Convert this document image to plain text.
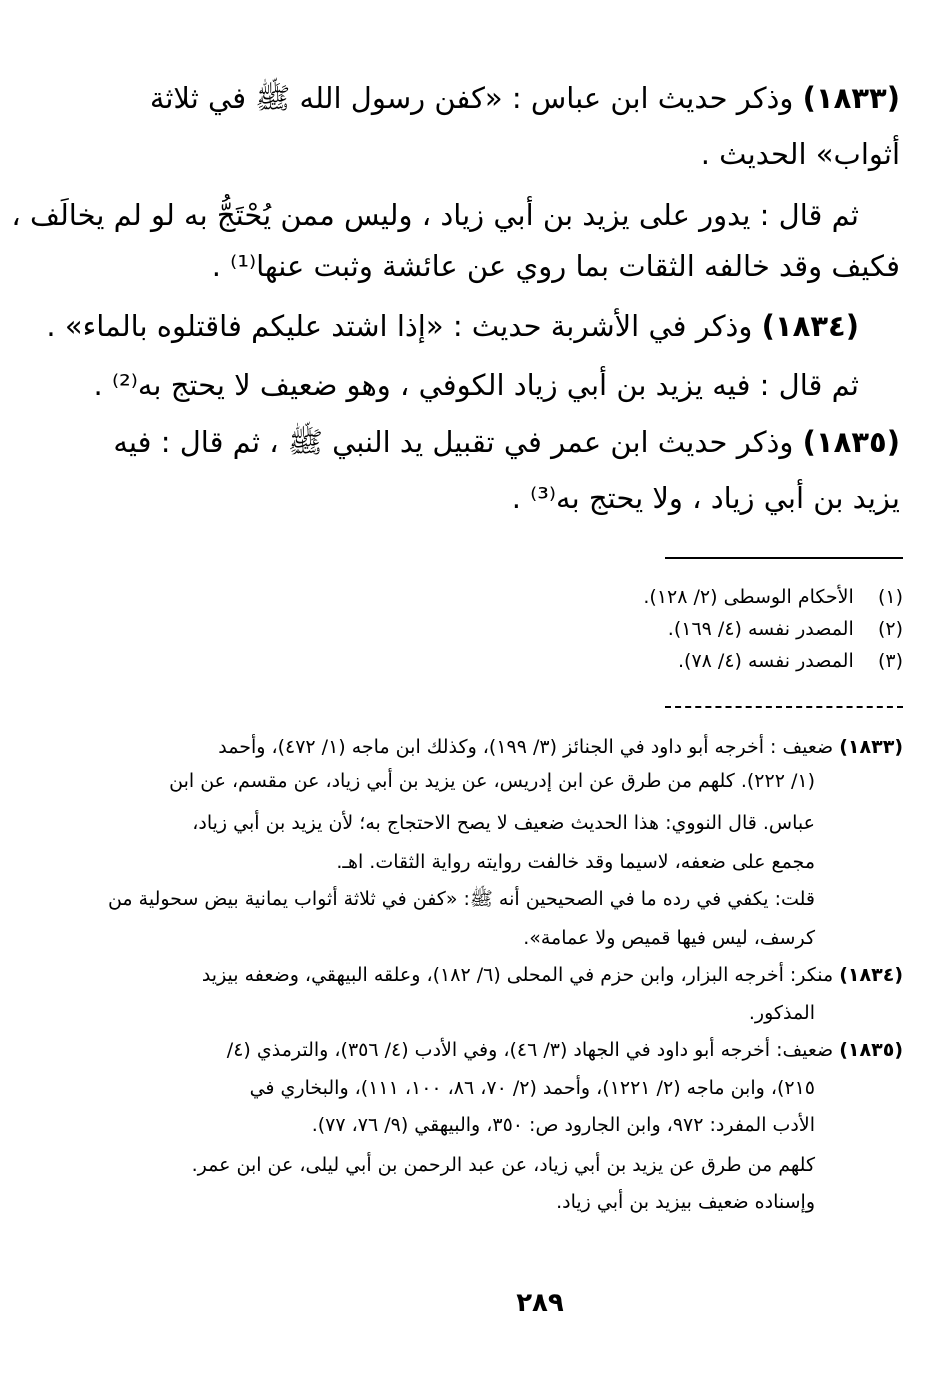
(١٨٣٣) وذكر حديث ابن عباس : «كفن رسول الله ﷺ في ثلاثة
أثواب» الحديث .
ثم قال : يدور على يزيد بن أبي زياد ، وليس ممن يُحْتَجُّ به لو لم يخالَف ،
فكيف وقد خالفه الثقات بما روي عن عائشة وثبت عنها⁽¹⁾ .
(١٨٣٤) وذكر في الأشربة حديث : «إذا اشتد عليكم فاقتلوه بالماء» .
ثم قال : فيه يزيد بن أبي زياد الكوفي ، وهو ضعيف لا يحتج به⁽²⁾ .
(١٨٣٥) وذكر حديث ابن عمر في تقبيل يد النبي ﷺ ، ثم قال : فيه
يزيد بن أبي زياد ، ولا يحتج به⁽³⁾ .
(١)    الأحكام الوسطى (٢/ ١٢٨).
(٢)    المصدر نفسه (٤/ ١٦٩).
(٣)    المصدر نفسه (٤/ ٧٨).
(١٨٣٣) ضعيف : أخرجه أبو داود في الجنائز (٣/ ١٩٩)، وكذلك ابن ماجه (١/ ٤٧٢)، وأحمد
(١/ ٢٢٢). كلهم من طرق عن ابن إدريس، عن يزيد بن أبي زياد، عن مقسم، عن ابن
عباس. قال النووي: هذا الحديث ضعيف لا يصح الاحتجاج به؛ لأن يزيد بن أبي زياد،
مجمع على ضعفه، لاسيما وقد خالفت روايته رواية الثقات. اهـ.
قلت: يكفي في رده ما في الصحيحين أنه ﷺ: «كفن في ثلاثة أثواب يمانية بيض سحولية من
كرسف، ليس فيها قميص ولا عمامة».
(١٨٣٤) منكر: أخرجه البزار، وابن حزم في المحلى (٦/ ١٨٢)، وعلقه البيهقي، وضعفه بيزيد
المذكور.
(١٨٣٥) ضعيف: أخرجه أبو داود في الجهاد (٣/ ٤٦)، وفي الأدب (٤/ ٣٥٦)، والترمذي (٤/
٢١٥)، وابن ماجه (٢/ ١٢٢١)، وأحمد (٢/ ٧٠، ٨٦، ١٠٠، ١١١)، والبخاري في
الأدب المفرد: ٩٧٢، وابن الجارود ص: ٣٥٠، والبيهقي (٩/ ٧٦، ٧٧).
كلهم من طرق عن يزيد بن أبي زياد، عن عبد الرحمن بن أبي ليلى، عن ابن عمر.
وإسناده ضعيف بيزيد بن أبي زياد.
٢٨٩
